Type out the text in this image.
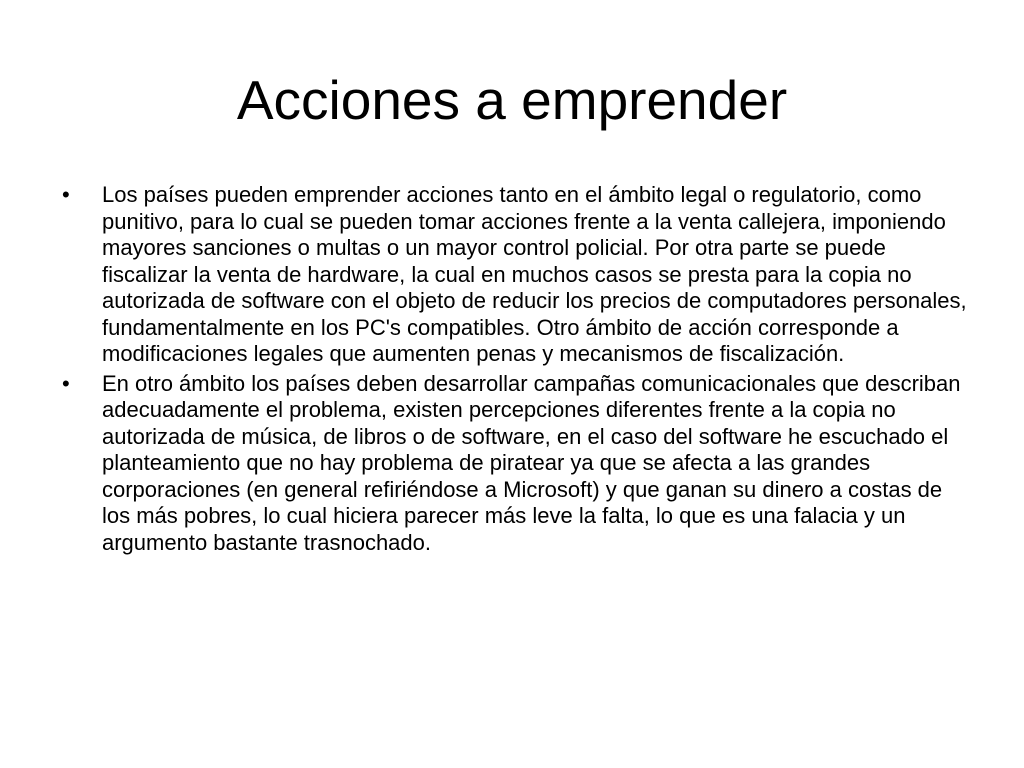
Acciones a emprender
•	Los países pueden emprender acciones tanto en el ámbito legal o regulatorio, como punitivo, para lo cual se pueden tomar acciones frente a la venta callejera, imponiendo mayores sanciones o multas o un mayor control policial. Por otra parte se puede fiscalizar la venta de hardware, la cual en muchos casos se presta para la copia no autorizada de software con el objeto de reducir los precios de computadores personales, fundamentalmente en los PC's compatibles. Otro ámbito de acción corresponde a modificaciones legales que aumenten penas y mecanismos de fiscalización.
•	En otro ámbito los países deben desarrollar campañas comunicacionales que describan adecuadamente el problema, existen percepciones diferentes frente a la copia no autorizada de música, de libros o de software, en el caso del software he escuchado el planteamiento que no hay problema de piratear ya que se afecta a las grandes corporaciones (en general refiriéndose a Microsoft) y que ganan su dinero a costas de los más pobres, lo cual hiciera parecer más leve la falta, lo que es una falacia y un argumento bastante trasnochado.
